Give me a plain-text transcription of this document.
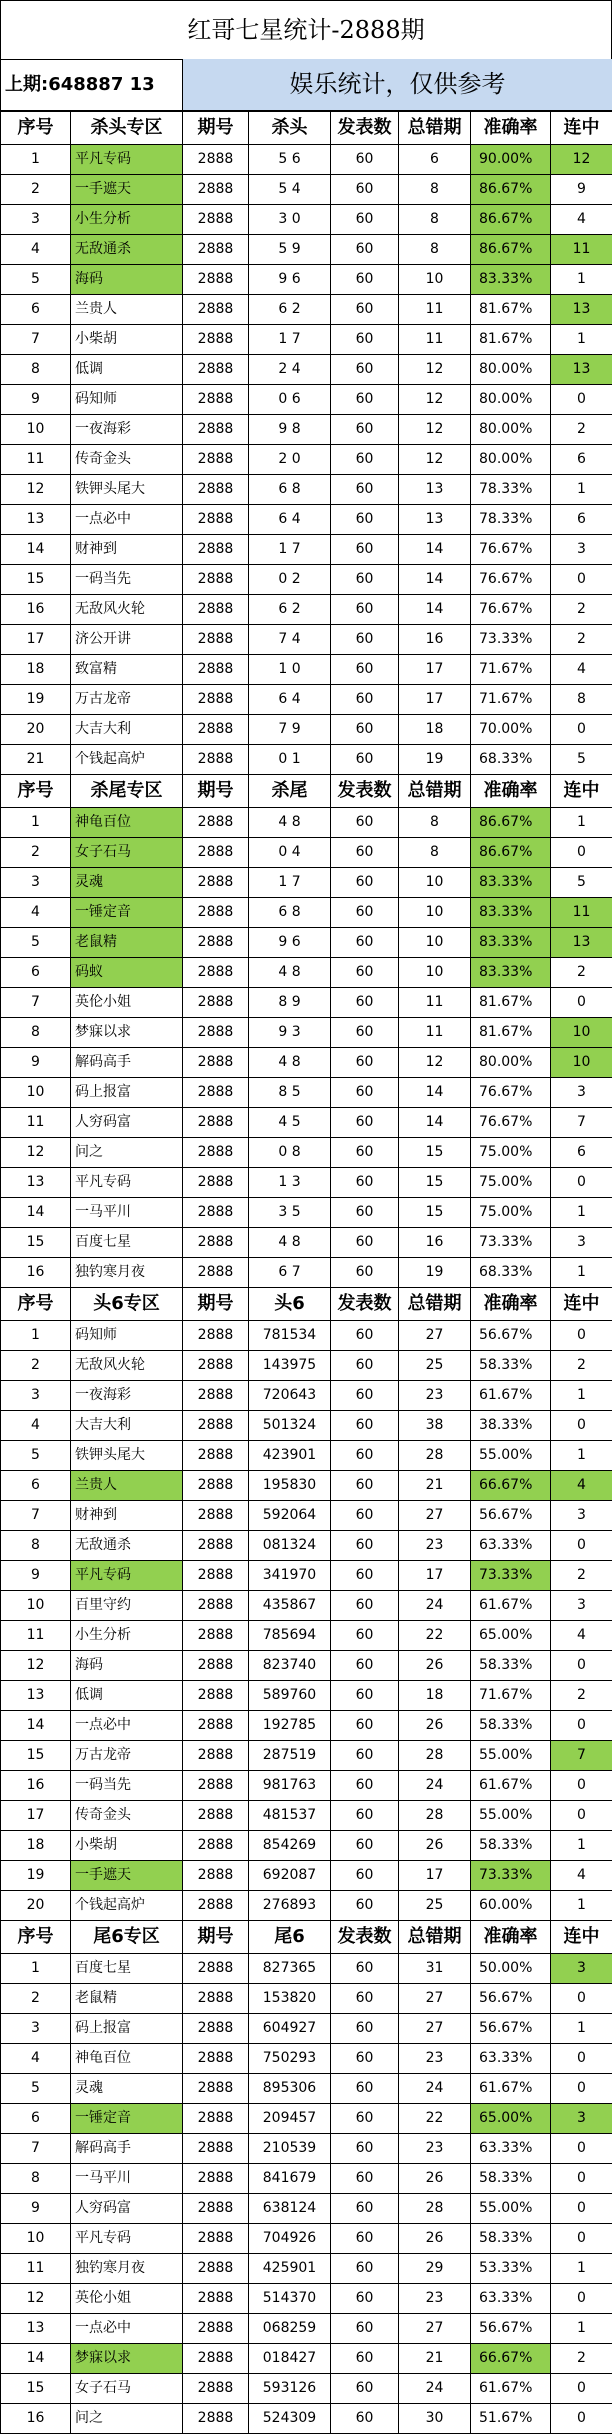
红哥七星统计-2888期
上期:648887 13	娱乐统计，仅供参考
序号	杀头专区	期号	杀头	发表数	总错期	准确率	连中
1	平凡专码	2888	5 6	60	6	90.00%	12
2	一手遮天	2888	5 4	60	8	86.67%	9
3	小生分析	2888	3 0	60	8	86.67%	4
4	无敌通杀	2888	5 9	60	8	86.67%	11
5	海码	2888	9 6	60	10	83.33%	1
6	兰贵人	2888	6 2	60	11	81.67%	13
7	小柴胡	2888	1 7	60	11	81.67%	1
8	低调	2888	2 4	60	12	80.00%	13
9	码知师	2888	0 6	60	12	80.00%	0
10	一夜海彩	2888	9 8	60	12	80.00%	2
11	传奇金头	2888	2 0	60	12	80.00%	6
12	铁钾头尾大	2888	6 8	60	13	78.33%	1
13	一点必中	2888	6 4	60	13	78.33%	6
14	财神到	2888	1 7	60	14	76.67%	3
15	一码当先	2888	0 2	60	14	76.67%	0
16	无敌风火轮	2888	6 2	60	14	76.67%	2
17	济公开讲	2888	7 4	60	16	73.33%	2
18	致富精	2888	1 0	60	17	71.67%	4
19	万古龙帝	2888	6 4	60	17	71.67%	8
20	大吉大利	2888	7 9	60	18	70.00%	0
21	个钱起高炉	2888	0 1	60	19	68.33%	5
序号	杀尾专区	期号	杀尾	发表数	总错期	准确率	连中
1	神龟百位	2888	4 8	60	8	86.67%	1
2	女子石马	2888	0 4	60	8	86.67%	0
3	灵魂	2888	1 7	60	10	83.33%	5
4	一锤定音	2888	6 8	60	10	83.33%	11
5	老鼠精	2888	9 6	60	10	83.33%	13
6	码蚁	2888	4 8	60	10	83.33%	2
7	英伦小姐	2888	8 9	60	11	81.67%	0
8	梦寐以求	2888	9 3	60	11	81.67%	10
9	解码高手	2888	4 8	60	12	80.00%	10
10	码上报富	2888	8 5	60	14	76.67%	3
11	人穷码富	2888	4 5	60	14	76.67%	7
12	问之	2888	0 8	60	15	75.00%	6
13	平凡专码	2888	1 3	60	15	75.00%	0
14	一马平川	2888	3 5	60	15	75.00%	1
15	百度七星	2888	4 8	60	16	73.33%	3
16	独钓寒月夜	2888	6 7	60	19	68.33%	1
序号	头6专区	期号	头6	发表数	总错期	准确率	连中
1	码知师	2888	781534	60	27	56.67%	0
2	无敌风火轮	2888	143975	60	25	58.33%	2
3	一夜海彩	2888	720643	60	23	61.67%	1
4	大吉大利	2888	501324	60	38	38.33%	0
5	铁钾头尾大	2888	423901	60	28	55.00%	1
6	兰贵人	2888	195830	60	21	66.67%	4
7	财神到	2888	592064	60	27	56.67%	3
8	无敌通杀	2888	081324	60	23	63.33%	0
9	平凡专码	2888	341970	60	17	73.33%	2
10	百里守约	2888	435867	60	24	61.67%	3
11	小生分析	2888	785694	60	22	65.00%	4
12	海码	2888	823740	60	26	58.33%	0
13	低调	2888	589760	60	18	71.67%	2
14	一点必中	2888	192785	60	26	58.33%	0
15	万古龙帝	2888	287519	60	28	55.00%	7
16	一码当先	2888	981763	60	24	61.67%	0
17	传奇金头	2888	481537	60	28	55.00%	0
18	小柴胡	2888	854269	60	26	58.33%	1
19	一手遮天	2888	692087	60	17	73.33%	4
20	个钱起高炉	2888	276893	60	25	60.00%	1
序号	尾6专区	期号	尾6	发表数	总错期	准确率	连中
1	百度七星	2888	827365	60	31	50.00%	3
2	老鼠精	2888	153820	60	27	56.67%	0
3	码上报富	2888	604927	60	27	56.67%	1
4	神龟百位	2888	750293	60	23	63.33%	0
5	灵魂	2888	895306	60	24	61.67%	0
6	一锤定音	2888	209457	60	22	65.00%	3
7	解码高手	2888	210539	60	23	63.33%	0
8	一马平川	2888	841679	60	26	58.33%	0
9	人穷码富	2888	638124	60	28	55.00%	0
10	平凡专码	2888	704926	60	26	58.33%	0
11	独钓寒月夜	2888	425901	60	29	53.33%	1
12	英伦小姐	2888	514370	60	23	63.33%	0
13	一点必中	2888	068259	60	27	56.67%	1
14	梦寐以求	2888	018427	60	21	66.67%	2
15	女子石马	2888	593126	60	24	61.67%	0
16	问之	2888	524309	60	30	51.67%	0
